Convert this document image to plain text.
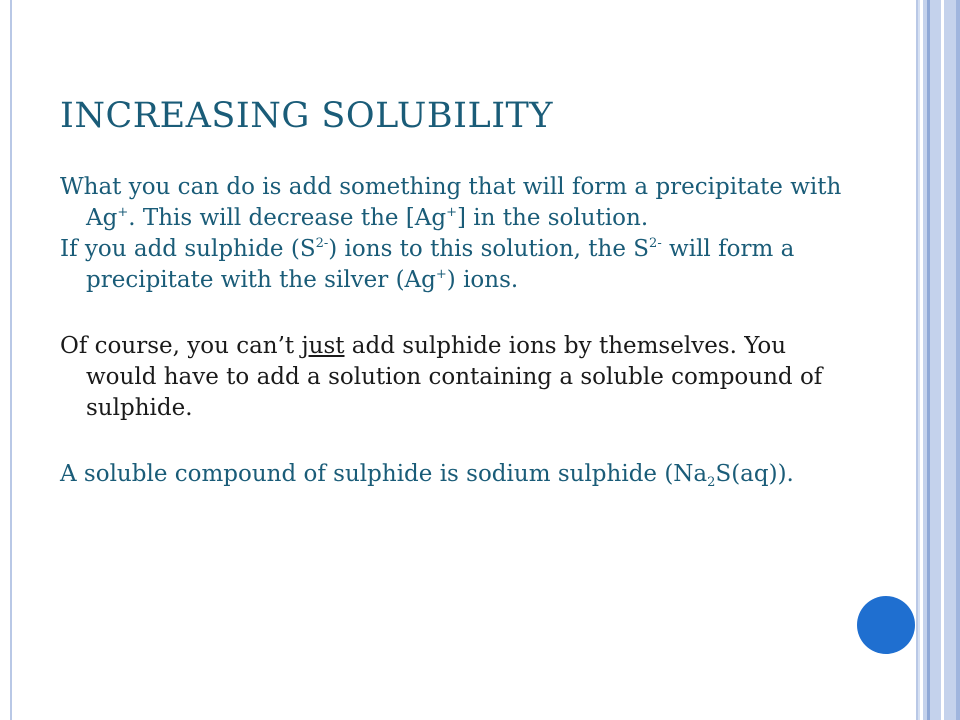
INCREASING SOLUBILITY

What you can do is add something that will form a precipitate with Ag+. This will decrease the [Ag+] in the solution.

If you add sulphide $(S^{2-})$ ions to this solution, the $S^{2-}$ will form a precipitate with the silver (Ag+) ions.

Of course, you can’t just add sulphide ions by themselves. You would have to add a solution containing a soluble compound of sulphide.

A soluble compound of sulphide is sodium sulphide $(Na_2S(aq))$.
